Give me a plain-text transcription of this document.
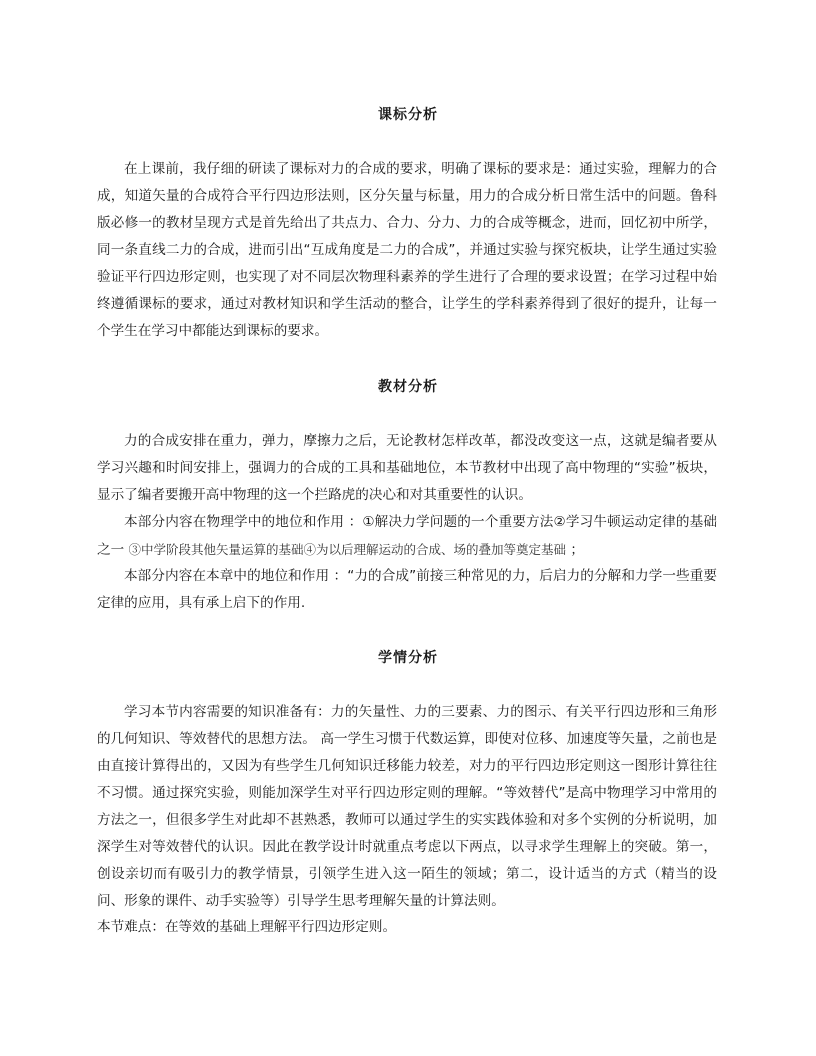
课标分析

在上课前，我仔细的研读了课标对力的合成的要求，明确了课标的要求是：通过实验，理解力的合成，知道矢量的合成符合平行四边形法则，区分矢量与标量，用力的合成分析日常生活中的问题。鲁科版必修一的教材呈现方式是首先给出了共点力、合力、分力、力的合成等概念，进而，回忆初中所学，同一条直线二力的合成，进而引出“互成角度是二力的合成”，并通过实验与探究板块，让学生通过实验验证平行四边形定则，也实现了对不同层次物理科素养的学生进行了合理的要求设置；在学习过程中始终遵循课标的要求，通过对教材知识和学生活动的整合，让学生的学科素养得到了很好的提升，让每一个学生在学习中都能达到课标的要求。

教材分析

力的合成安排在重力，弹力，摩擦力之后，无论教材怎样改革，都没改变这一点，这就是编者要从学习兴趣和时间安排上，强调力的合成的工具和基础地位，本节教材中出现了高中物理的“实验”板块，显示了编者要搬开高中物理的这一个拦路虎的决心和对其重要性的认识。

本部分内容在物理学中的地位和作用 ：①解决力学问题的一个重要方法②学习牛顿运动定律的基础之一 ③中学阶段其他矢量运算的基础④为以后理解运动的合成、场的叠加等奠定基础 ；

本部分内容在本章中的地位和作用 ：“力的合成”前接三种常见的力，后启力的分解和力学一些重要定律的应用，具有承上启下的作用.

学情分析

学习本节内容需要的知识准备有：力的矢量性、力的三要素、力的图示、有关平行四边形和三角形的几何知识、等效替代的思想方法。 高一学生习惯于代数运算，即使对位移、加速度等矢量，之前也是由直接计算得出的，又因为有些学生几何知识迁移能力较差，对力的平行四边形定则这一图形计算往往不习惯。通过探究实验，则能加深学生对平行四边形定则的理解。“等效替代”是高中物理学习中常用的方法之一，但很多学生对此却不甚熟悉，教师可以通过学生的实实践体验和对多个实例的分析说明，加深学生对等效替代的认识。因此在教学设计时就重点考虑以下两点，以寻求学生理解上的突破。第一，创设亲切而有吸引力的教学情景，引领学生进入这一陌生的领域；第二，设计适当的方式（精当的设问、形象的课件、动手实验等）引导学生思考理解矢量的计算法则。

本节难点：在等效的基础上理解平行四边形定则。
